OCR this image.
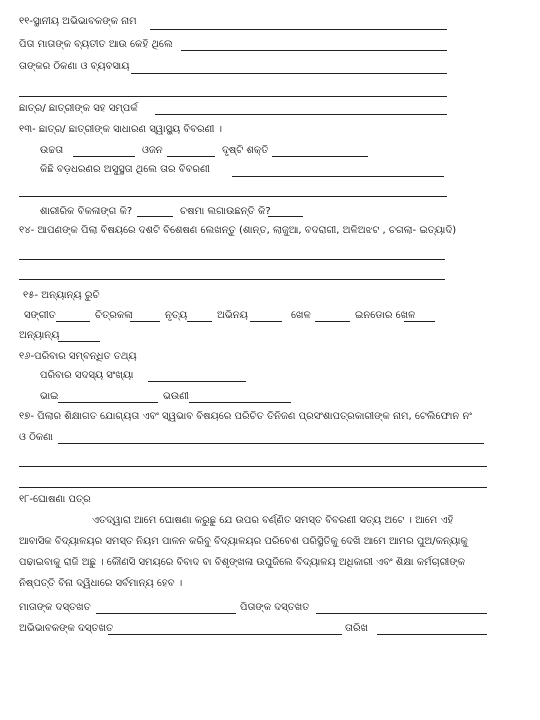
୧୧-ସ୍ଥାନୀୟ ଅଭିଭାବକଙ୍କ ନାମ
ପିତା ମାତାଙ୍କ ବ୍ୟତୀତ ଆଉ କେହି ଥିଲେ
ତାଙ୍କର ଠିକଣା ଓ ବ୍ୟବସାୟ
ଛାତ୍ର/ ଛାତ୍ରୀଙ୍କ ସହ ସମ୍ପର୍କ
୧୩- ଛାତ୍ର/ ଛାତ୍ରୀଙ୍କ ସାଧାରଣ ସ୍ୱାସ୍ଥ୍ୟ ବିବରଣୀ ।
ଉଚ୍ଚତା	ଓଜନ	ଦୃଷ୍ଟି ଶକ୍ତି
କିଛି ବଡ଼ଧରଣର ଅସୁସ୍ଥତା ଥିଲେ ତାର ବିବରଣୀ
ଶାରୀରିକ ବିକଳାଙ୍ଗ କି?	ଚଷମା ଲଗାଉଛନ୍ତି କି?
୧୪- ଆପଣଙ୍କ ପିଲା ବିଷୟରେ ଦଶଟି ବିଶେଷଣ ଲେଖନ୍ତୁ (ଶାନ୍ତ, ଲାଜୁଆ, ବଦରାଗୀ, ଅଳିଅଝଟ , ଚଗଲା- ଇତ୍ୟାଦି)
୧୫- ଅନ୍ୟାନ୍ୟ ରୁଚି
ସଙ୍ଗୀତ	ଚିତ୍ରକଳା	ନୃତ୍ୟ	ଅଭିନୟ	ଖେଳ	ଇନଡୋର ଖେଳ
ଅନ୍ୟାନ୍ୟ
୧୬-ପରିବାର ସମ୍ବନ୍ଧିତ ତଥ୍ୟ
ପରିବାର ସଦସ୍ୟ ସଂଖ୍ୟା
ଭାଇ	ଭଉଣୀ
୧୭- ପିଲାର ଶିକ୍ଷାଗତ ଯୋଗ୍ୟତା ଏବଂ ସ୍ୱଭାବ ବିଷୟରେ ପରିଚିତ ତିନିଜଣ ପ୍ରସଂଶାପତ୍ରକାରୀଙ୍କ ନାମ, ଟେଲିଫୋନ ନଂ
ଓ ଠିକଣା
୧୮-ଘୋଷଣା ପତ୍ର
ଏତଦ୍ୱାରା ଆମେ ଘୋଷଣା କରୁଛୁ ଯେ ଉପର ବର୍ଣ୍ଣିତ ସମସ୍ତ ବିବରଣୀ ସତ୍ୟ ଅଟେ । ଆମେ ଏହି
ଆବାସିକ ବିଦ୍ୟାଳୟର ସମସ୍ତ ନିୟମ ପାଳନ କରିବୁ ବିଦ୍ୟାଳୟର ପରିବେଶ ପରିସ୍ଥିତିକୁ ଦେଖି ଆମେ ଆମର ପୁଅ/କନ୍ୟାକୁ
ପଢାଇବାକୁ ରାଜି ଅଛୁ । କୌଣସି ସମୟରେ ବିବାଦ ବା ବିଶୃଙ୍ଖଳା ଉପୁଜିଲେ ବିଦ୍ୟାଳୟ ଅଧିକାରୀ ଏବଂ ଶିକ୍ଷା କର୍ମଚାରୀଙ୍କ
ନିଷ୍ପତ୍ତି ବିନା ଦ୍ୱିଧାରେ ସର୍ବମାନ୍ୟ ହେବ ।
ମାତାଙ୍କ ଦସ୍ତଖତ	ପିତାଙ୍କ ଦସ୍ତଖତ
ଅଭିଭାବକଙ୍କ ଦସ୍ତଖତ	ତାରିଖ
